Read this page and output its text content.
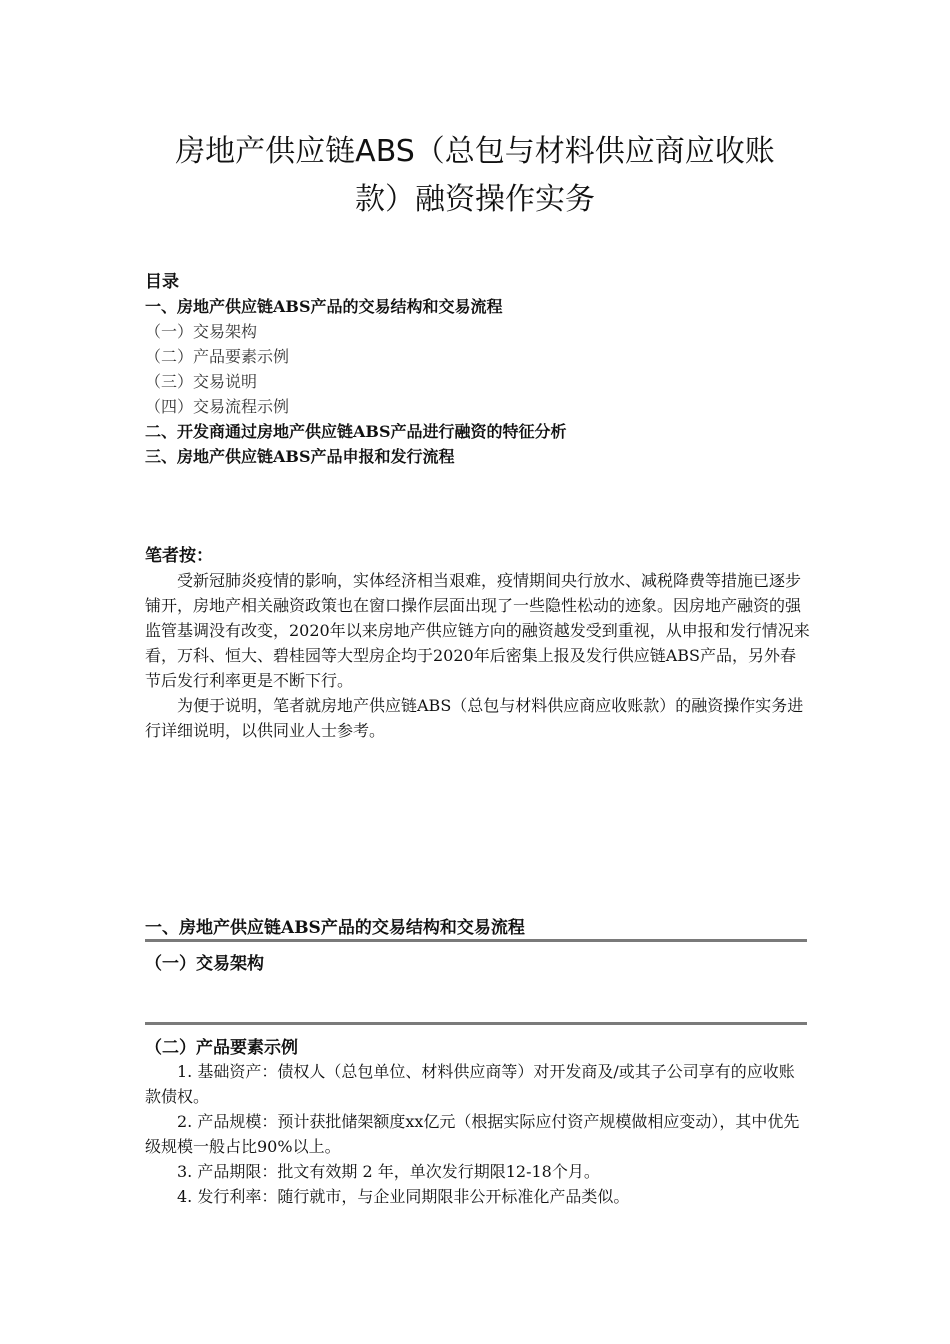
房地产供应链ABS（总包与材料供应商应收账
款）融资操作实务
目录
一、房地产供应链ABS产品的交易结构和交易流程
（一）交易架构
（二）产品要素示例
（三）交易说明
（四）交易流程示例
二、开发商通过房地产供应链ABS产品进行融资的特征分析
三、房地产供应链ABS产品申报和发行流程
笔者按：

受新冠肺炎疫情的影响，实体经济相当艰难，疫情期间央行放水、减税降费等措施已逐步铺开，房地产相关融资政策也在窗口操作层面出现了一些隐性松动的迹象。因房地产融资的强监管基调没有改变，2020年以来房地产供应链方向的融资越发受到重视，从申报和发行情况来看，万科、恒大、碧桂园等大型房企均于2020年后密集上报及发行供应链ABS产品，另外春节后发行利率更是不断下行。

为便于说明，笔者就房地产供应链ABS（总包与材料供应商应收账款）的融资操作实务进行详细说明，以供同业人士参考。

一、房地产供应链ABS产品的交易结构和交易流程
（一）交易架构
（二）产品要素示例

1. 基础资产：债权人（总包单位、材料供应商等）对开发商及/或其子公司享有的应收账款债权。

2. 产品规模：预计获批储架额度xx亿元（根据实际应付资产规模做相应变动），其中优先级规模一般占比90%以上。

3. 产品期限：批文有效期 2 年，单次发行期限12-18个月。

4. 发行利率：随行就市，与企业同期限非公开标准化产品类似。
